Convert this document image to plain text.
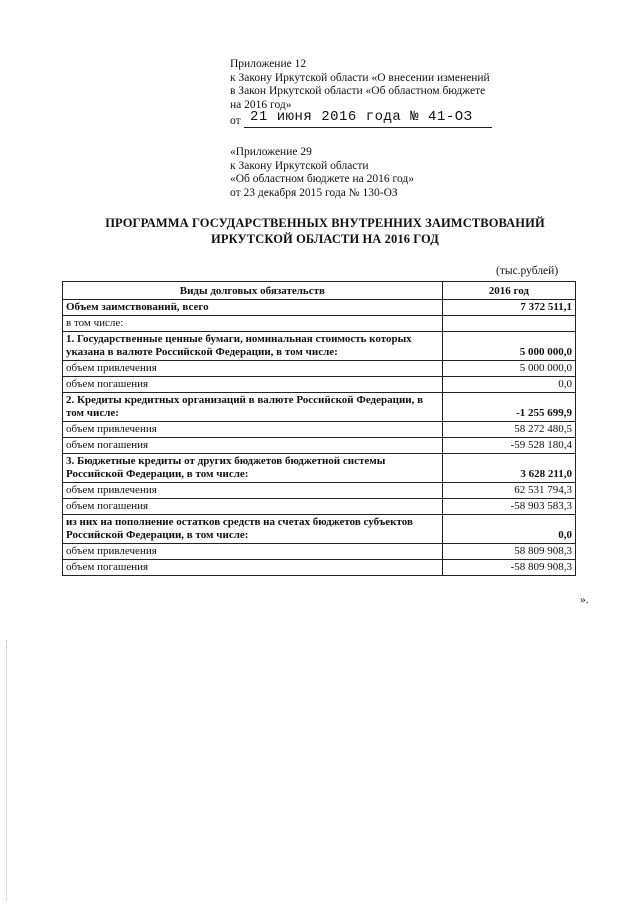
Приложение 12
к Закону Иркутской области «О внесении изменений
в Закон Иркутской области «Об областном бюджете
на 2016 год»
от 21 июня 2016 года № 41-ОЗ
«Приложение 29
к Закону Иркутской области
«Об областном бюджете на 2016 год»
от 23 декабря 2015 года № 130-ОЗ
ПРОГРАММА ГОСУДАРСТВЕННЫХ ВНУТРЕННИХ ЗАИМСТВОВАНИЙ
ИРКУТСКОЙ ОБЛАСТИ НА 2016 ГОД
(тыс.рублей)
Виды долговых обязательств	2016 год
Объем заимствований, всего	7 372 511,1
в том числе:	
1. Государственные ценные бумаги, номинальная стоимость которых указана в валюте Российской Федерации, в том числе:	5 000 000,0
объем привлечения	5 000 000,0
объем погашения	0,0
2. Кредиты кредитных организаций в валюте Российской Федерации, в том числе:	-1 255 699,9
объем привлечения	58 272 480,5
объем погашения	-59 528 180,4
3. Бюджетные кредиты от других бюджетов бюджетной системы Российской Федерации, в том числе:	3 628 211,0
объем привлечения	62 531 794,3
объем погашения	-58 903 583,3
из них на пополнение остатков средств на счетах бюджетов субъектов Российской Федерации, в том числе:	0,0
объем привлечения	58 809 908,3
объем погашения	-58 809 908,3
».
